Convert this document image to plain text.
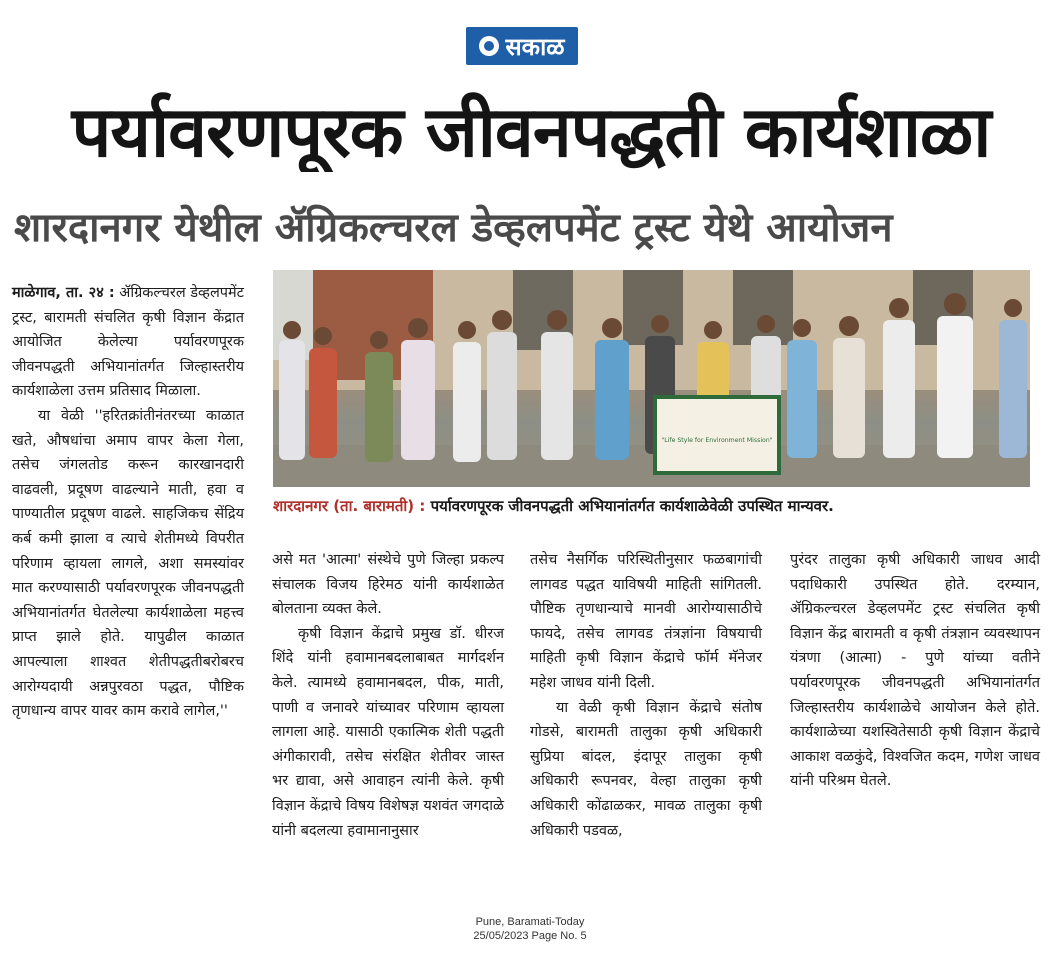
सकाळ
पर्यावरणपूरक जीवनपद्धती कार्यशाळा
शारदानगर येथील ॲग्रिकल्चरल डेव्हलपमेंट ट्रस्ट येथे आयोजन

माळेगाव, ता. २४ : ॲग्रिकल्चरल डेव्हलपमेंट ट्रस्ट, बारामती संचलित कृषी विज्ञान केंद्रात आयोजित केलेल्या पर्यावरणपूरक जीवनपद्धती अभियानांतर्गत जिल्हास्तरीय कार्यशाळेला उत्तम प्रतिसाद मिळाला.

या वेळी ''हरितक्रांतीनंतरच्या काळात खते, औषधांचा अमाप वापर केला गेला, तसेच जंगलतोड करून कारखानदारी वाढवली, प्रदूषण वाढल्याने माती, हवा व पाण्यातील प्रदूषण वाढले. साहजिकच सेंद्रिय कर्ब कमी झाला व त्याचे शेतीमध्ये विपरीत परिणाम व्हायला लागले, अशा समस्यांवर मात करण्यासाठी पर्यावरणपूरक जीवनपद्धती अभियानांतर्गत घेतलेल्या कार्यशाळेला महत्त्व प्राप्त झाले होते. यापुढील काळात आपल्याला शाश्वत शेतीपद्धतीबरोबरच आरोग्यदायी अन्नपुरवठा पद्धत, पौष्टिक तृणधान्य वापर यावर काम करावे लागेल,''

"Life Style for Environment Mission"
शारदानगर (ता. बारामती) : पर्यावरणपूरक जीवनपद्धती अभियानांतर्गत कार्यशाळेवेळी उपस्थित मान्यवर.

असे मत 'आत्मा' संस्थेचे पुणे जिल्हा प्रकल्प संचालक विजय हिरेमठ यांनी कार्यशाळेत बोलताना व्यक्त केले.

कृषी विज्ञान केंद्राचे प्रमुख डॉ. धीरज शिंदे यांनी हवामानबदलाबाबत मार्गदर्शन केले. त्यामध्ये हवामानबदल, पीक, माती, पाणी व जनावरे यांच्यावर परिणाम व्हायला लागला आहे. यासाठी एकात्मिक शेती पद्धती अंगीकारावी, तसेच संरक्षित शेतीवर जास्त भर द्यावा, असे आवाहन त्यांनी केले. कृषी विज्ञान केंद्राचे विषय विशेषज्ञ यशवंत जगदाळे यांनी बदलत्या हवामानानुसार

तसेच नैसर्गिक परिस्थितीनुसार फळबागांची लागवड पद्धत याविषयी माहिती सांगितली. पौष्टिक तृणधान्याचे मानवी आरोग्यासाठीचे फायदे, तसेच लागवड तंत्रज्ञांना विषयाची माहिती कृषी विज्ञान केंद्राचे फॉर्म मॅनेजर महेश जाधव यांनी दिली.

या वेळी कृषी विज्ञान केंद्राचे संतोष गोडसे, बारामती तालुका कृषी अधिकारी सुप्रिया बांदल, इंदापूर तालुका कृषी अधिकारी रूपनवर, वेल्हा तालुका कृषी अधिकारी कोंढाळकर, मावळ तालुका कृषी अधिकारी पडवळ,

पुरंदर तालुका कृषी अधिकारी जाधव आदी पदाधिकारी उपस्थित होते. दरम्यान, ॲग्रिकल्चरल डेव्हलपमेंट ट्रस्ट संचलित कृषी विज्ञान केंद्र बारामती व कृषी तंत्रज्ञान व्यवस्थापन यंत्रणा (आत्मा) - पुणे यांच्या वतीने पर्यावरणपूरक जीवनपद्धती अभियानांतर्गत जिल्हास्तरीय कार्यशाळेचे आयोजन केले होते. कार्यशाळेच्या यशस्वितेसाठी कृषी विज्ञान केंद्राचे आकाश वळकुंदे, विश्वजित कदम, गणेश जाधव यांनी परिश्रम घेतले.

Pune, Baramati-Today
25/05/2023 Page No. 5
